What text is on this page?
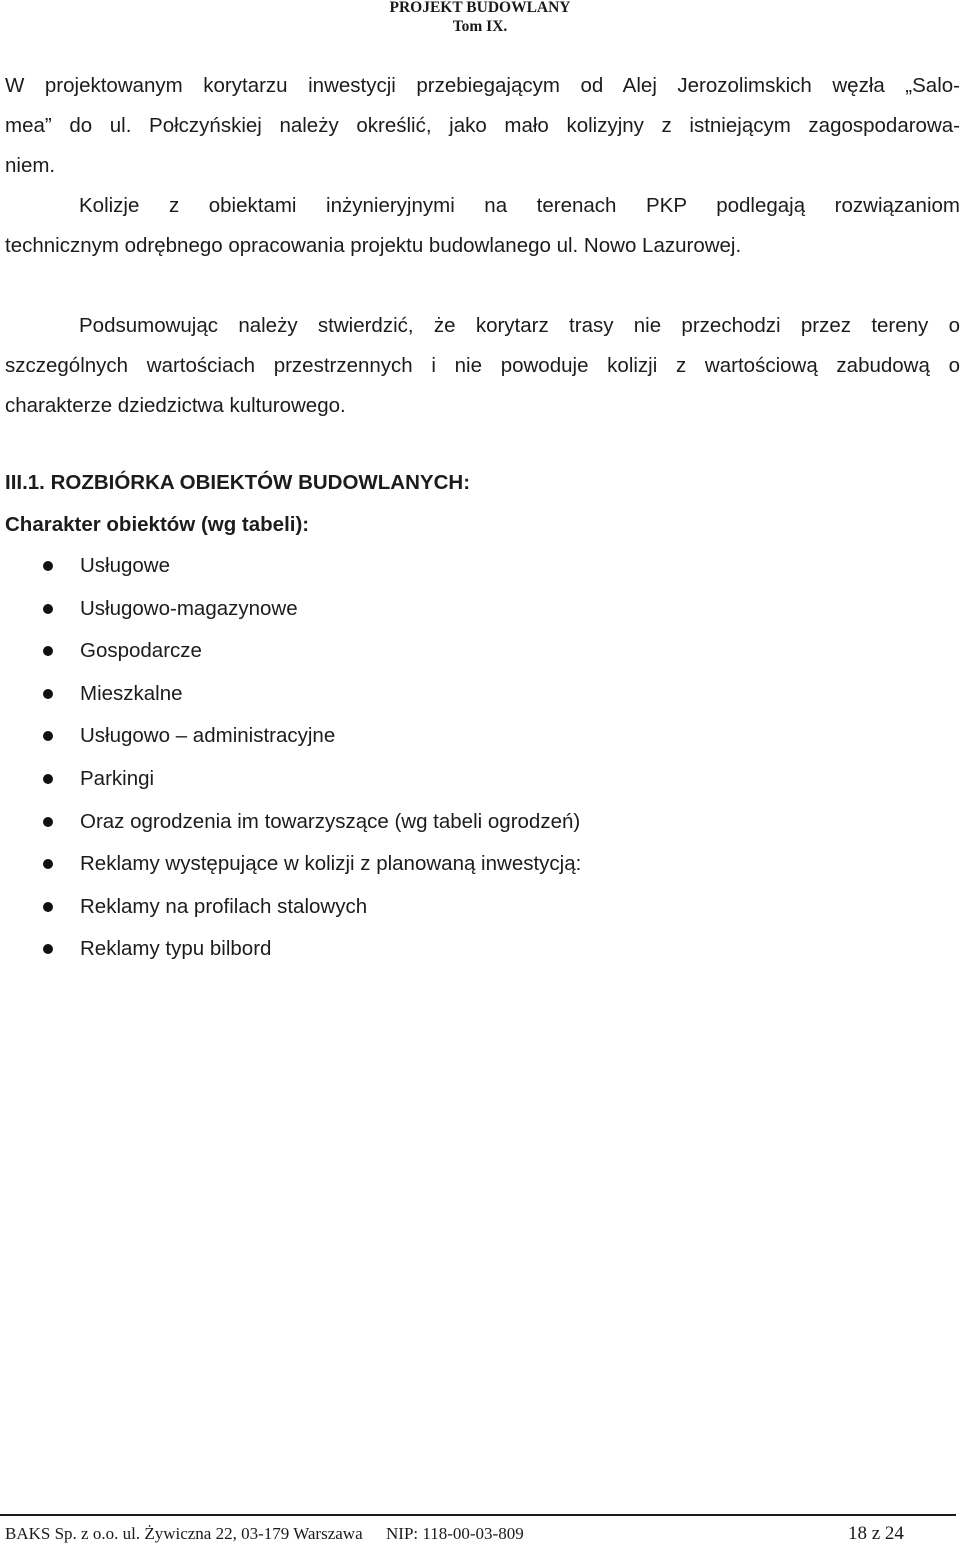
PROJEKT BUDOWLANY
Tom IX.
W projektowanym korytarzu inwestycji przebiegającym od Alej Jerozolimskich węzła „Salo-
mea” do ul. Połczyńskiej należy określić, jako mało kolizyjny z istniejącym zagospodarowa-
niem.
Kolizje z obiektami inżynieryjnymi na terenach PKP podlegają rozwiązaniom
technicznym odrębnego opracowania projektu budowlanego ul. Nowo Lazurowej.
Podsumowując należy stwierdzić, że korytarz trasy nie przechodzi przez tereny o
szczególnych wartościach przestrzennych i nie powoduje kolizji z wartościową zabudową o
charakterze dziedzictwa kulturowego.
III.1. ROZBIÓRKA OBIEKTÓW BUDOWLANYCH:
Charakter obiektów (wg tabeli):
Usługowe
Usługowo-magazynowe
Gospodarcze
Mieszkalne
Usługowo – administracyjne
Parkingi
Oraz ogrodzenia im towarzyszące (wg tabeli ogrodzeń)
Reklamy występujące w kolizji z planowaną inwestycją:
Reklamy na profilach stalowych
Reklamy typu bilbord
BAKS Sp. z o.o. ul. Żywiczna 22, 03-179 Warszawa NIP: 118-00-03-809	18 z 24
